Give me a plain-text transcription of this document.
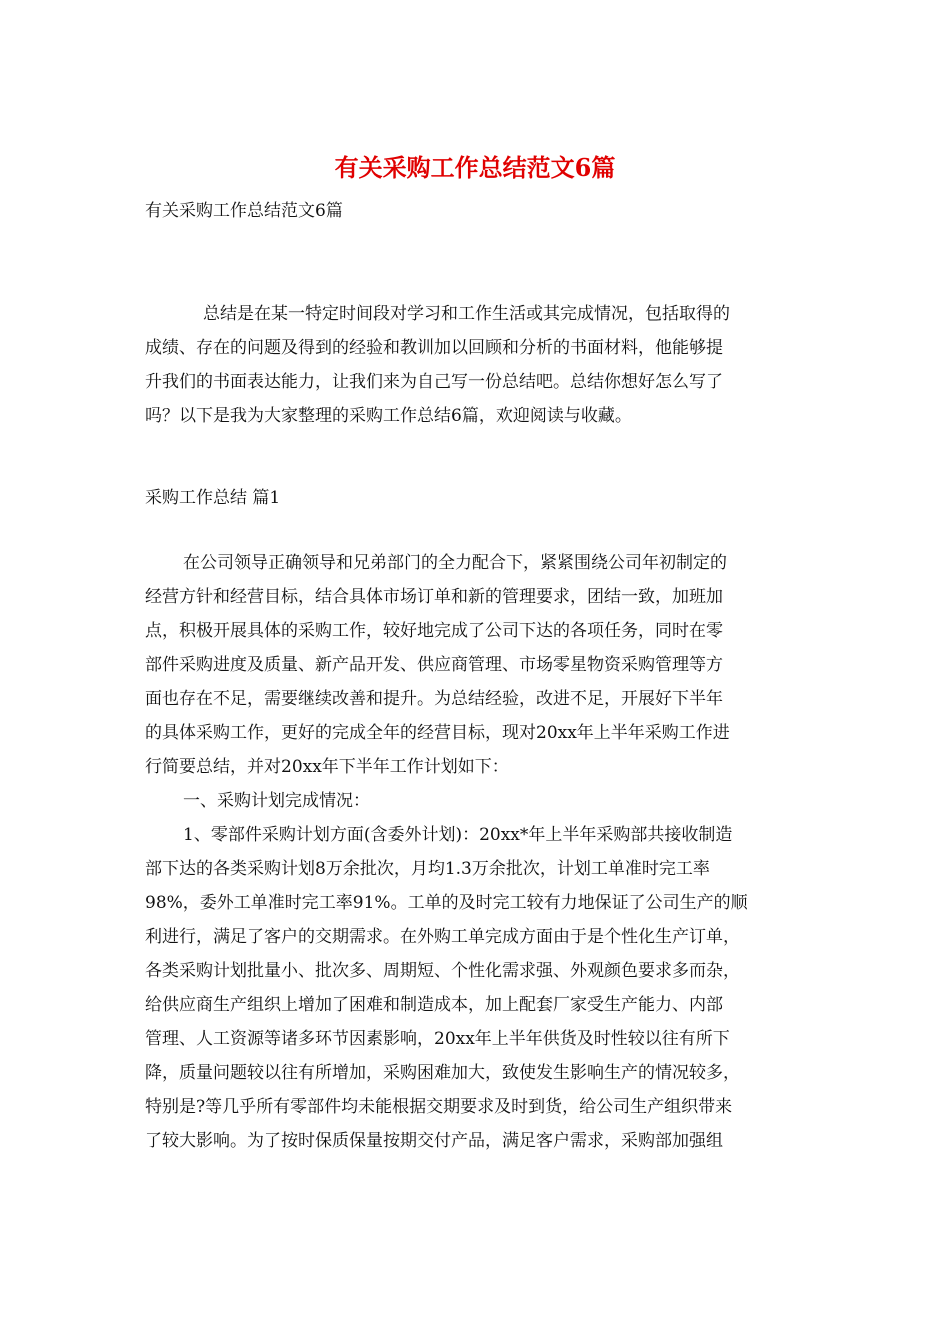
有关采购工作总结范文6篇

有关采购工作总结范文6篇

总结是在某一特定时间段对学习和工作生活或其完成情况，包括取得的
成绩、存在的问题及得到的经验和教训加以回顾和分析的书面材料，他能够提
升我们的书面表达能力，让我们来为自己写一份总结吧。总结你想好怎么写了
吗？以下是我为大家整理的采购工作总结6篇，欢迎阅读与收藏。

采购工作总结 篇1

在公司领导正确领导和兄弟部门的全力配合下，紧紧围绕公司年初制定的
经营方针和经营目标，结合具体市场订单和新的管理要求，团结一致，加班加
点，积极开展具体的采购工作，较好地完成了公司下达的各项任务，同时在零
部件采购进度及质量、新产品开发、供应商管理、市场零星物资采购管理等方
面也存在不足，需要继续改善和提升。为总结经验，改进不足，开展好下半年
的具体采购工作，更好的完成全年的经营目标，现对20xx年上半年采购工作进
行简要总结，并对20xx年下半年工作计划如下：
一、采购计划完成情况：
1、零部件采购计划方面(含委外计划)：20xx*年上半年采购部共接收制造
部下达的各类采购计划8万余批次，月均1.3万余批次，计划工单准时完工率
98%，委外工单准时完工率91%。工单的及时完工较有力地保证了公司生产的顺
利进行，满足了客户的交期需求。在外购工单完成方面由于是个性化生产订单，
各类采购计划批量小、批次多、周期短、个性化需求强、外观颜色要求多而杂，
给供应商生产组织上增加了困难和制造成本，加上配套厂家受生产能力、内部
管理、人工资源等诸多环节因素影响，20xx年上半年供货及时性较以往有所下
降，质量问题较以往有所增加，采购困难加大，致使发生影响生产的情况较多，
特别是?等几乎所有零部件均未能根据交期要求及时到货，给公司生产组织带来
了较大影响。为了按时保质保量按期交付产品，满足客户需求，采购部加强组
